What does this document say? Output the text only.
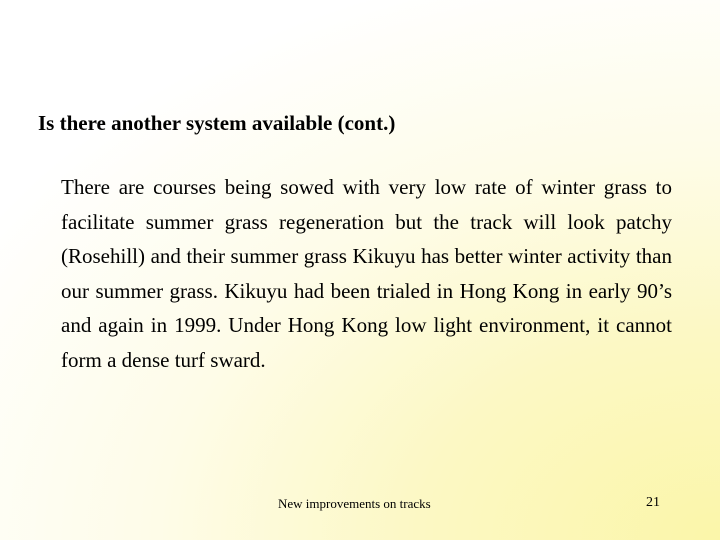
Is there another system available (cont.)
There are courses being sowed with very low rate of winter grass to facilitate summer grass regeneration but the track will look patchy (Rosehill) and their summer grass Kikuyu has better winter activity than our summer grass. Kikuyu had been trialed in Hong Kong in early 90’s and again in 1999. Under Hong Kong low light environment, it cannot form a dense turf sward.
New improvements on tracks	21
